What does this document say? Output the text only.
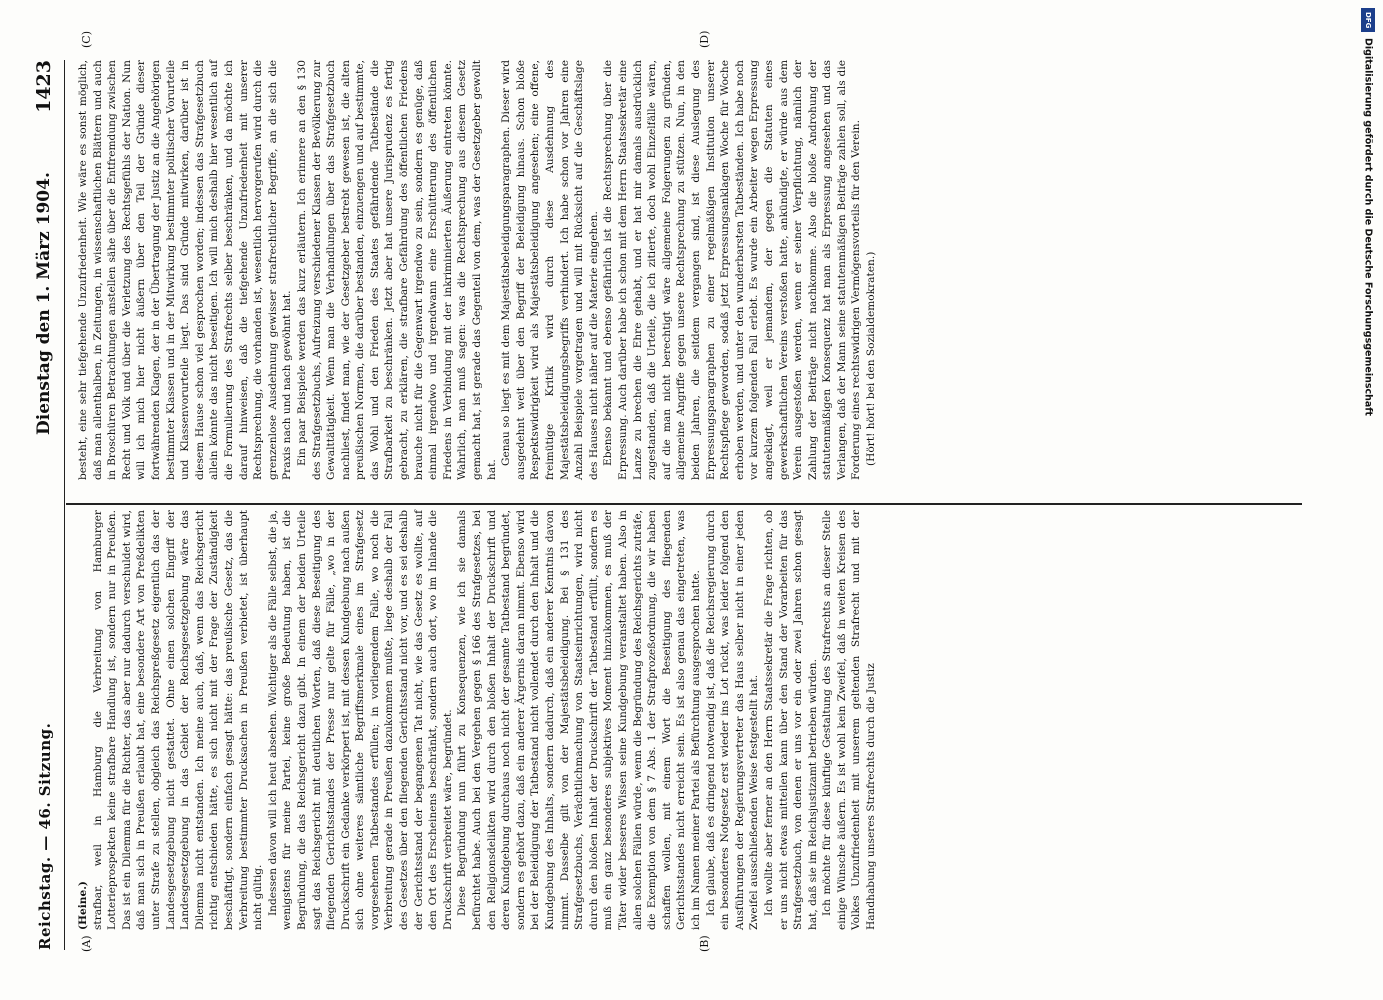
Reichstag. — 46. Sitzung.
Dienstag den 1. März 1904.
1423
(A)	(B)
(C)	(D)

(Heine.) strafbar, weil in Hamburg die Verbreitung von Hamburger Lotterieprospekten keine strafbare Handlung ist, sondern nur in Preußen. Das ist ein Dilemma für die Richter, das aber nur dadurch verschuldet wird, daß man sich in Preußen erlaubt hat, eine besondere Art von Preßdelikten unter Strafe zu stellen, obgleich das Reichspreßgesetz eigentlich das der Landesgesetzgebung nicht gestattet. Ohne einen solchen Eingriff der Landesgesetzgebung in das Gebiet der Reichsgesetzgebung wäre das Dilemma nicht entstanden. Ich meine auch, daß, wenn das Reichsgericht richtig entschieden hätte, es sich nicht mit der Frage der Zuständigkeit beschäftigt, sondern einfach gesagt hätte: das preußische Gesetz, das die Verbreitung bestimmter Drucksachen in Preußen verbietet, ist überhaupt nicht gültig. Indessen davon will ich heut absehen. Wichtiger als die Fälle selbst, die ja, wenigstens für meine Partei, keine große Bedeutung haben, ist die Begründung, die das Reichsgericht dazu gibt. In einem der beiden Urteile sagt das Reichsgericht mit deutlichen Worten, daß diese Beseitigung des fliegenden Gerichtsstandes der Presse nur gelte für Fälle, „wo in der Druckschrift ein Gedanke verkörpert ist, mit dessen Kundgebung nach außen sich ohne weiteres sämtliche Begriffsmerkmale eines im Strafgesetz vorgesehenen Tatbestandes erfüllen; in vorliegendem Falle, wo noch die Verbreitung gerade in Preußen dazukommen mußte, liege deshalb der Fall des Gesetzes über den fliegenden Gerichtsstand nicht vor, und es sei deshalb der Gerichtsstand der begangenen Tat nicht, wie das Gesetz es wollte, auf den Ort des Erscheinens beschränkt, sondern auch dort, wo im Inlande die Druckschrift verbreitet wäre, begründet. Diese Begründung nun führt zu Konsequenzen, wie ich sie damals befürchtet habe. Auch bei den Vergehen gegen § 166 des Strafgesetzes, bei den Religionsdelikten wird durch den bloßen Inhalt der Druckschrift und deren Kundgebung durchaus noch nicht der gesamte Tatbestand begründet, sondern es gehört dazu, daß ein anderer Ärgernis daran nimmt. Ebenso wird bei der Beleidigung der Tatbestand nicht vollendet durch den Inhalt und die Kundgebung des Inhalts, sondern dadurch, daß ein anderer Kenntnis davon nimmt. Dasselbe gilt von der Majestätsbeleidigung. Bei § 131 des Strafgesetzbuchs, Verächtlichmachung von Staatseinrichtungen, wird nicht durch den bloßen Inhalt der Druckschrift der Tatbestand erfüllt, sondern es muß ein ganz besonderes subjektives Moment hinzukommen, es muß der Täter wider besseres Wissen seine Kundgebung veranstaltet haben. Also in allen solchen Fällen würde, wenn die Begründung des Reichsgerichts zuträfe, die Exemption von dem § 7 Abs. 1 der Strafprozeßordnung, die wir haben schaffen wollen, mit einem Wort die Beseitigung des fliegenden Gerichtsstandes nicht erreicht sein. Es ist also genau das eingetreten, was ich im Namen meiner Partei als Befürchtung ausgesprochen hatte. Ich glaube, daß es dringend notwendig ist, daß die Reichsregierung durch ein besonderes Notgesetz erst wieder ins Lot rückt, was leider folgend den Ausführungen der Regierungsvertreter das Haus selber nicht in einer jeden Zweifel ausschließenden Weise festgestellt hat. Ich wollte aber ferner an den Herrn Staatssekretär die Frage richten, ob er uns nicht etwas mitteilen kann über den Stand der Vorarbeiten für das Strafgesetzbuch, von denen er uns vor ein oder zwei Jahren schon gesagt hat, daß sie im Reichsjustizamt betrieben würden. Ich möchte für diese künftige Gestaltung des Strafrechts an dieser Stelle einige Wünsche äußern. Es ist wohl kein Zweifel, daß in weiten Kreisen des Volkes Unzufriedenheit mit unserem geltenden Strafrecht und mit der Handhabung unseres Strafrechts durch die Justiz

besteht, eine sehr tiefgehende Unzufriedenheit. Wie wäre es sonst möglich, daß man allenthalben, in Zeitungen, in wissenschaftlichen Blättern und auch in Broschüren Betrachtungen anstellen sähe über die Entfremdung zwischen Recht und Volk und über die Verletzung des Rechtsgefühls der Nation. Nun will ich mich hier nicht äußern über den Teil der Gründe dieser fortwährenden Klagen, der in der Übertragung der Justiz an die Angehörigen bestimmter Klassen und in der Mitwirkung bestimmter politischer Vorurteile und Klassenvorurteile liegt. Das sind Gründe mitwirken, darüber ist in diesem Hause schon viel gesprochen worden; indessen das Strafgesetzbuch allein könnte das nicht beseitigen. Ich will mich deshalb hier wesentlich auf die Formulierung des Strafrechts selber beschränken, und da möchte ich darauf hinweisen, daß die tiefgehende Unzufriedenheit mit unserer Rechtsprechung, die vorhanden ist, wesentlich hervorgerufen wird durch die grenzenlose Ausdehnung gewisser strafrechtlicher Begriffe, an die sich die Praxis nach und nach gewöhnt hat. Ein paar Beispiele werden das kurz erläutern. Ich erinnere an den § 130 des Strafgesetzbuchs, Aufreizung verschiedener Klassen der Bevölkerung zur Gewalttätigkeit. Wenn man die Verhandlungen über das Strafgesetzbuch nachliest, findet man, wie der Gesetzgeber bestrebt gewesen ist, die alten preußischen Normen, die darüber bestanden, einzuengen und auf bestimmte, das Wohl und den Frieden des Staates gefährdende Tatbestände die Strafbarkeit zu beschränken. Jetzt aber hat unsere Jurisprudenz es fertig gebracht, zu erklären, die strafbare Gefährdung des öffentlichen Friedens brauche nicht für die Gegenwart irgendwo zu sein, sondern es genüge, daß einmal irgendwo und irgendwann eine Erschütterung des öffentlichen Friedens in Verbindung mit der inkriminierten Äußerung eintreten könnte. Wahrlich, man muß sagen: was die Rechtsprechung aus diesem Gesetz gemacht hat, ist gerade das Gegenteil von dem, was der Gesetzgeber gewollt hat.

Genau so liegt es mit dem Majestätsbeleidigungsparagraphen. Dieser wird ausgedehnt weit über den Begriff der Beleidigung hinaus. Schon bloße Respektswidrigkeit wird als Majestätsbeleidigung angesehen; eine offene, freimütige Kritik wird durch diese Ausdehnung des Majestätsbeleidigungsbegriffs verhindert. Ich habe schon vor Jahren eine Anzahl Beispiele vorgetragen und will mit Rücksicht auf die Geschäftslage des Hauses nicht näher auf die Materie eingehen. Ebenso bekannt und ebenso gefährlich ist die Rechtsprechung über die Erpressung. Auch darüber habe ich schon mit dem Herrn Staatssekretär eine Lanze zu brechen die Ehre gehabt, und er hat mir damals ausdrücklich zugestanden, daß die Urteile, die ich zitierte, doch wohl Einzelfälle wären, auf die man nicht berechtigt wäre allgemeine Folgerungen zu gründen, allgemeine Angriffe gegen unsere Rechtsprechung zu stützen. Nun, in den beiden Jahren, die seitdem vergangen sind, ist diese Auslegung des Erpressungsparagraphen zu einer regelmäßigen Institution unserer Rechtspflege geworden, sodaß jetzt Erpressungsanklagen Woche für Woche erhoben werden, und unter den wunderbarsten Tatbeständen. Ich habe noch vor kurzem folgenden Fall erlebt. Es wurde ein Arbeiter wegen Erpressung angeklagt, weil er jemandem, der gegen die Statuten eines gewerkschaftlichen Vereins verstoßen hatte, ankündigte, er würde aus dem Verein ausgestoßen werden, wenn er seiner Verpflichtung, nämlich der Zahlung der Beiträge nicht nachkomme. Also die bloße Androhung der statutenmäßigen Konsequenz hat man als Erpressung angesehen und das Verlangen, daß der Mann seine statutenmäßigen Beiträge zahlen soll, als die Forderung eines rechtswidrigen Vermögensvorteils für den Verein. (Hört! hört! bei den Sozialdemokraten.)

DFG
Digitalisierung gefördert durch die Deutsche Forschungsgemeinschaft
